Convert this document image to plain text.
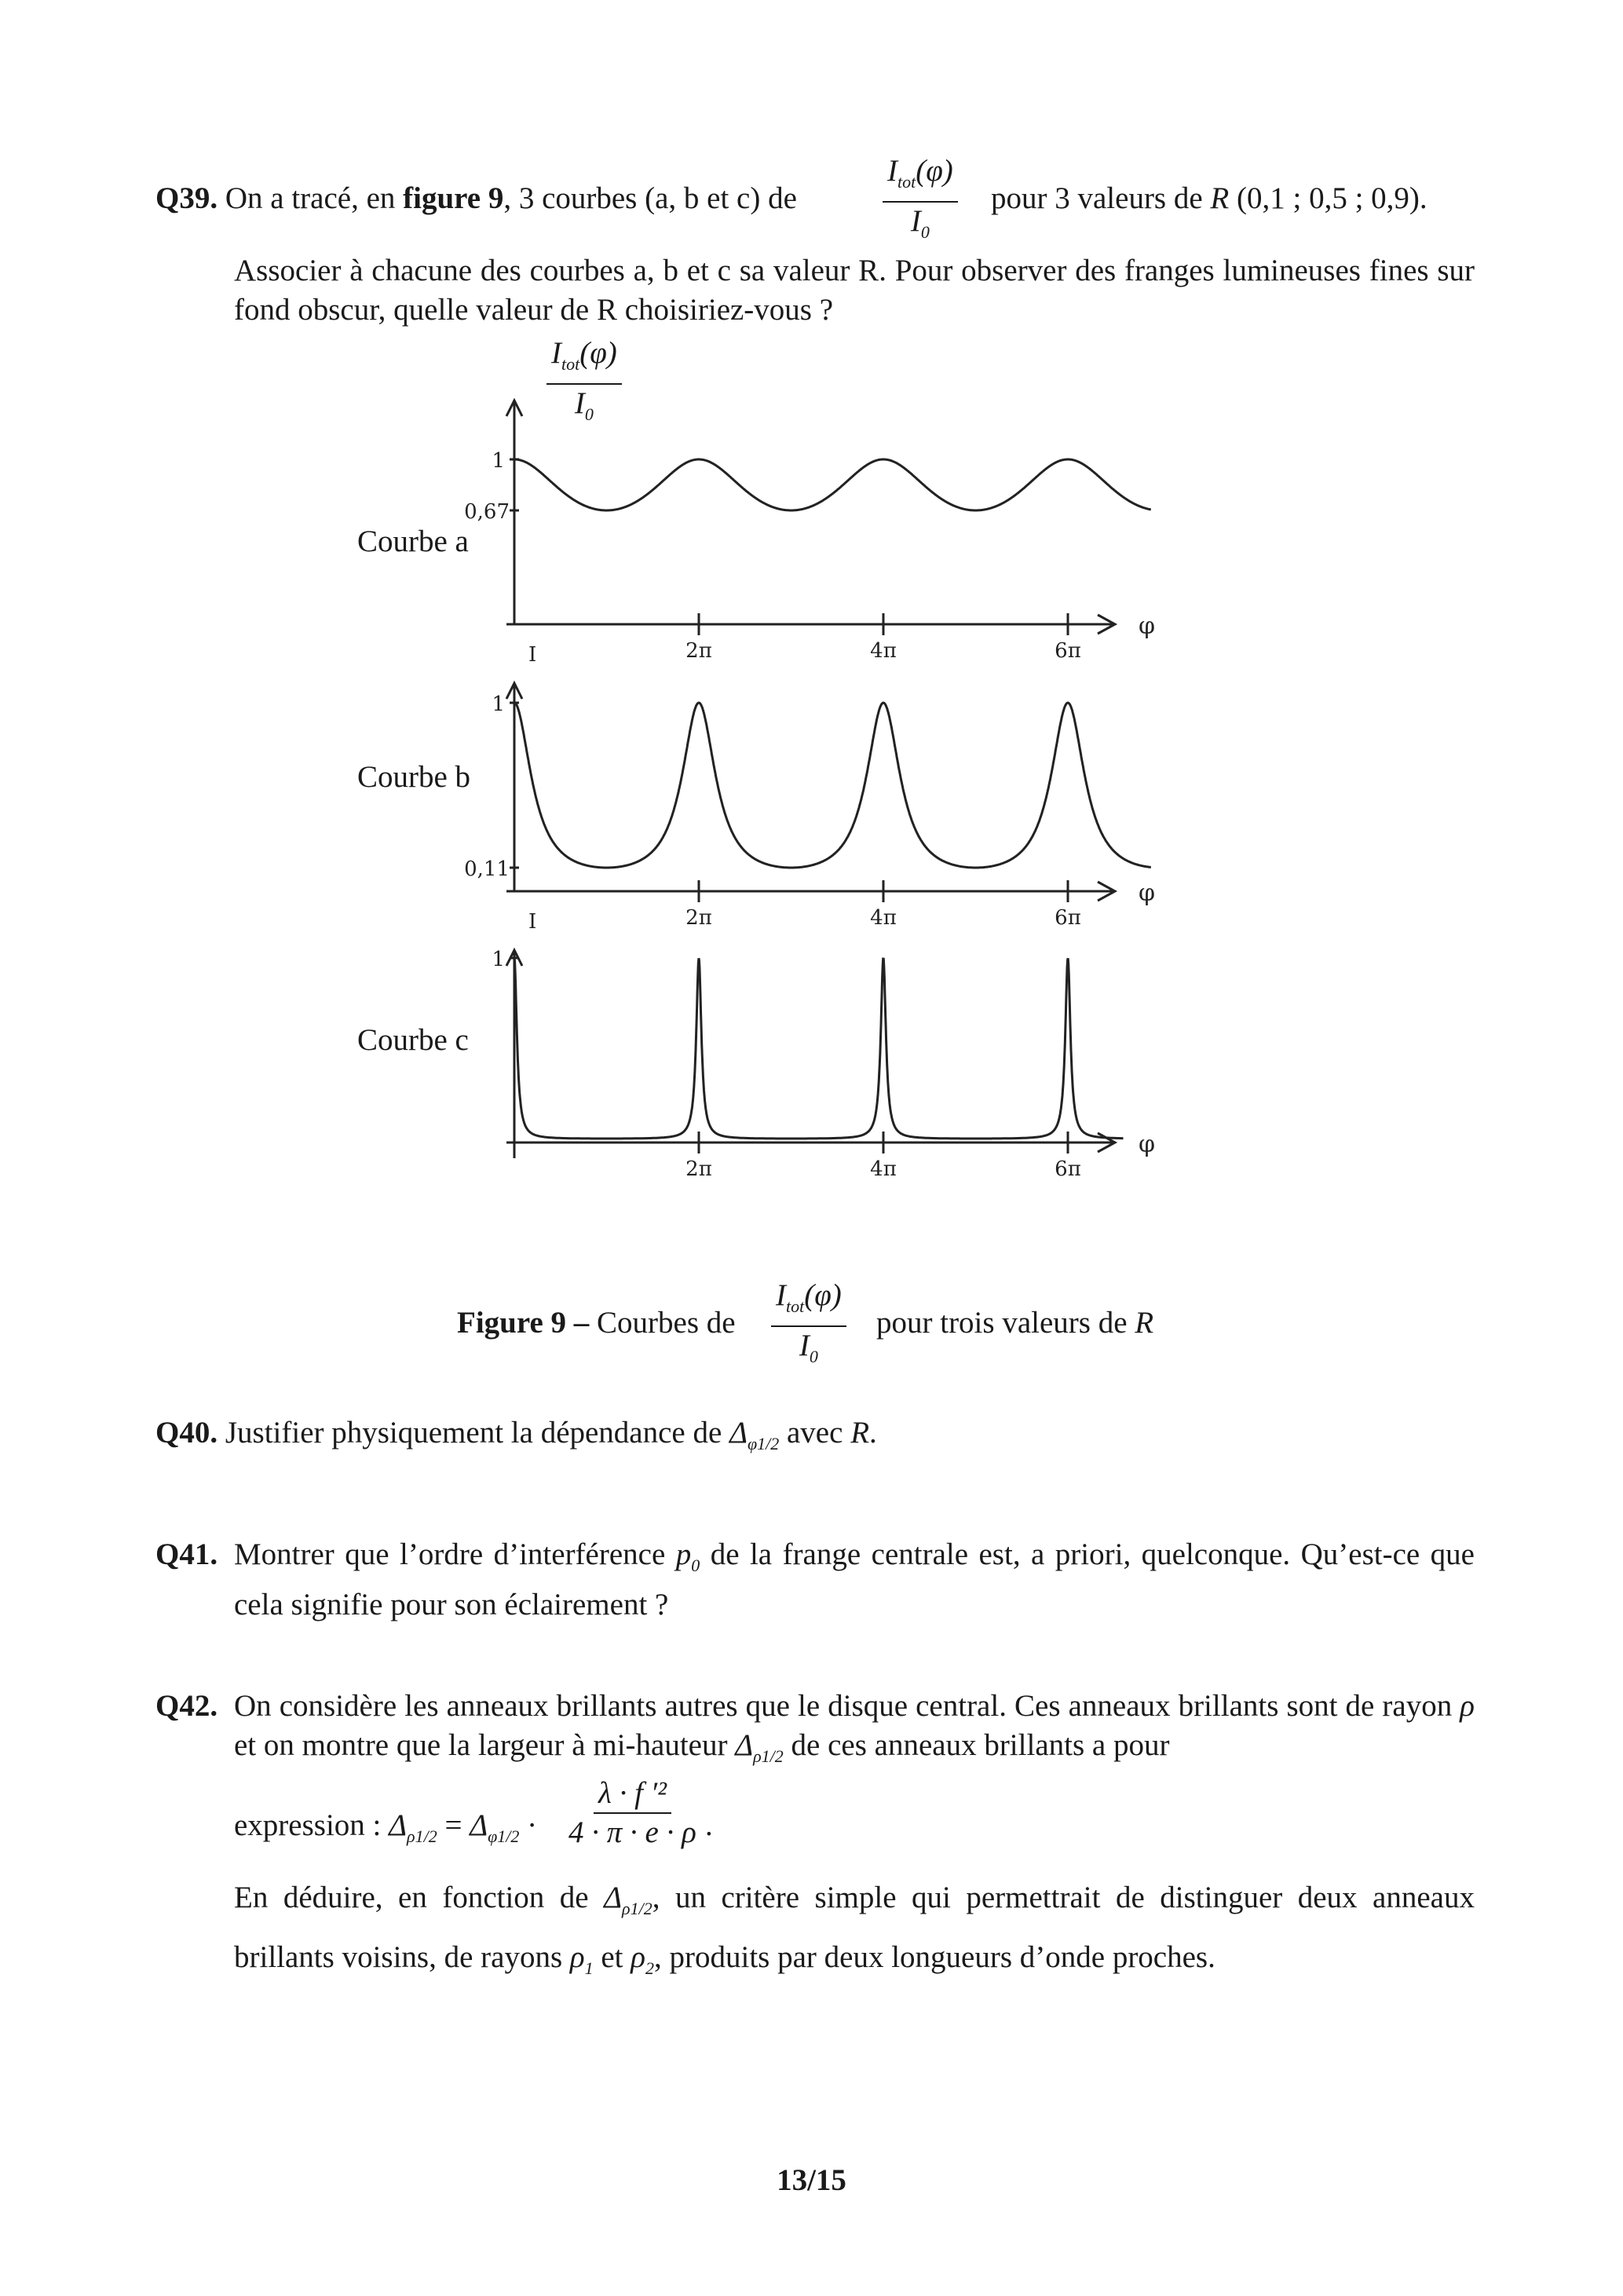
Q39. On a tracé, en figure 9, 3 courbes (a, b et c) de	$\frac{I_{tot}(\varphi)}{I_0}$ pour 3 valeurs de R (0,1 ; 0,5 ; 0,9).
Associer à chacune des courbes a, b et c sa valeur R. Pour observer des franges lumineuses fines sur fond obscur, quelle valeur de R choisiriez-vous ?
2π	4π	6π
φ
1
0,67
2π	4π	6π
φ
1
0,11
I
2π	4π	6π
φ
1
I
$\frac{I_{tot}(\varphi)}{I_0}$
Courbe a
Courbe b
Courbe c
Figure 9 – Courbes de $\frac{I_{tot}(\varphi)}{I_0}$ pour trois valeurs de R
Q40. Justifier physiquement la dépendance de $\Delta_{\varphi 1/2}$ avec R.
Q41. Montrer que l’ordre d’interférence $p_0$ de la frange centrale est, a priori, quelconque. Qu’est-ce que cela signifie pour son éclairement ?
Q42. On considère les anneaux brillants autres que le disque central. Ces anneaux brillants sont de rayon ρ et on montre que la largeur à mi-hauteur $\Delta_{\rho 1/2}$ de ces anneaux brillants a pour
expression : $\Delta_{\rho 1/2} = \Delta_{\varphi 1/2} \cdot \frac{\text{λ · f ′²}}{4 \cdot \pi \cdot e \cdot \rho}$ .
En déduire, en fonction de $\Delta_{\rho 1/2}$, un critère simple qui permettrait de distinguer deux anneaux brillants voisins, de rayons $\rho_1$ et $\rho_2$, produits par deux longueurs d’onde proches.
13/15
